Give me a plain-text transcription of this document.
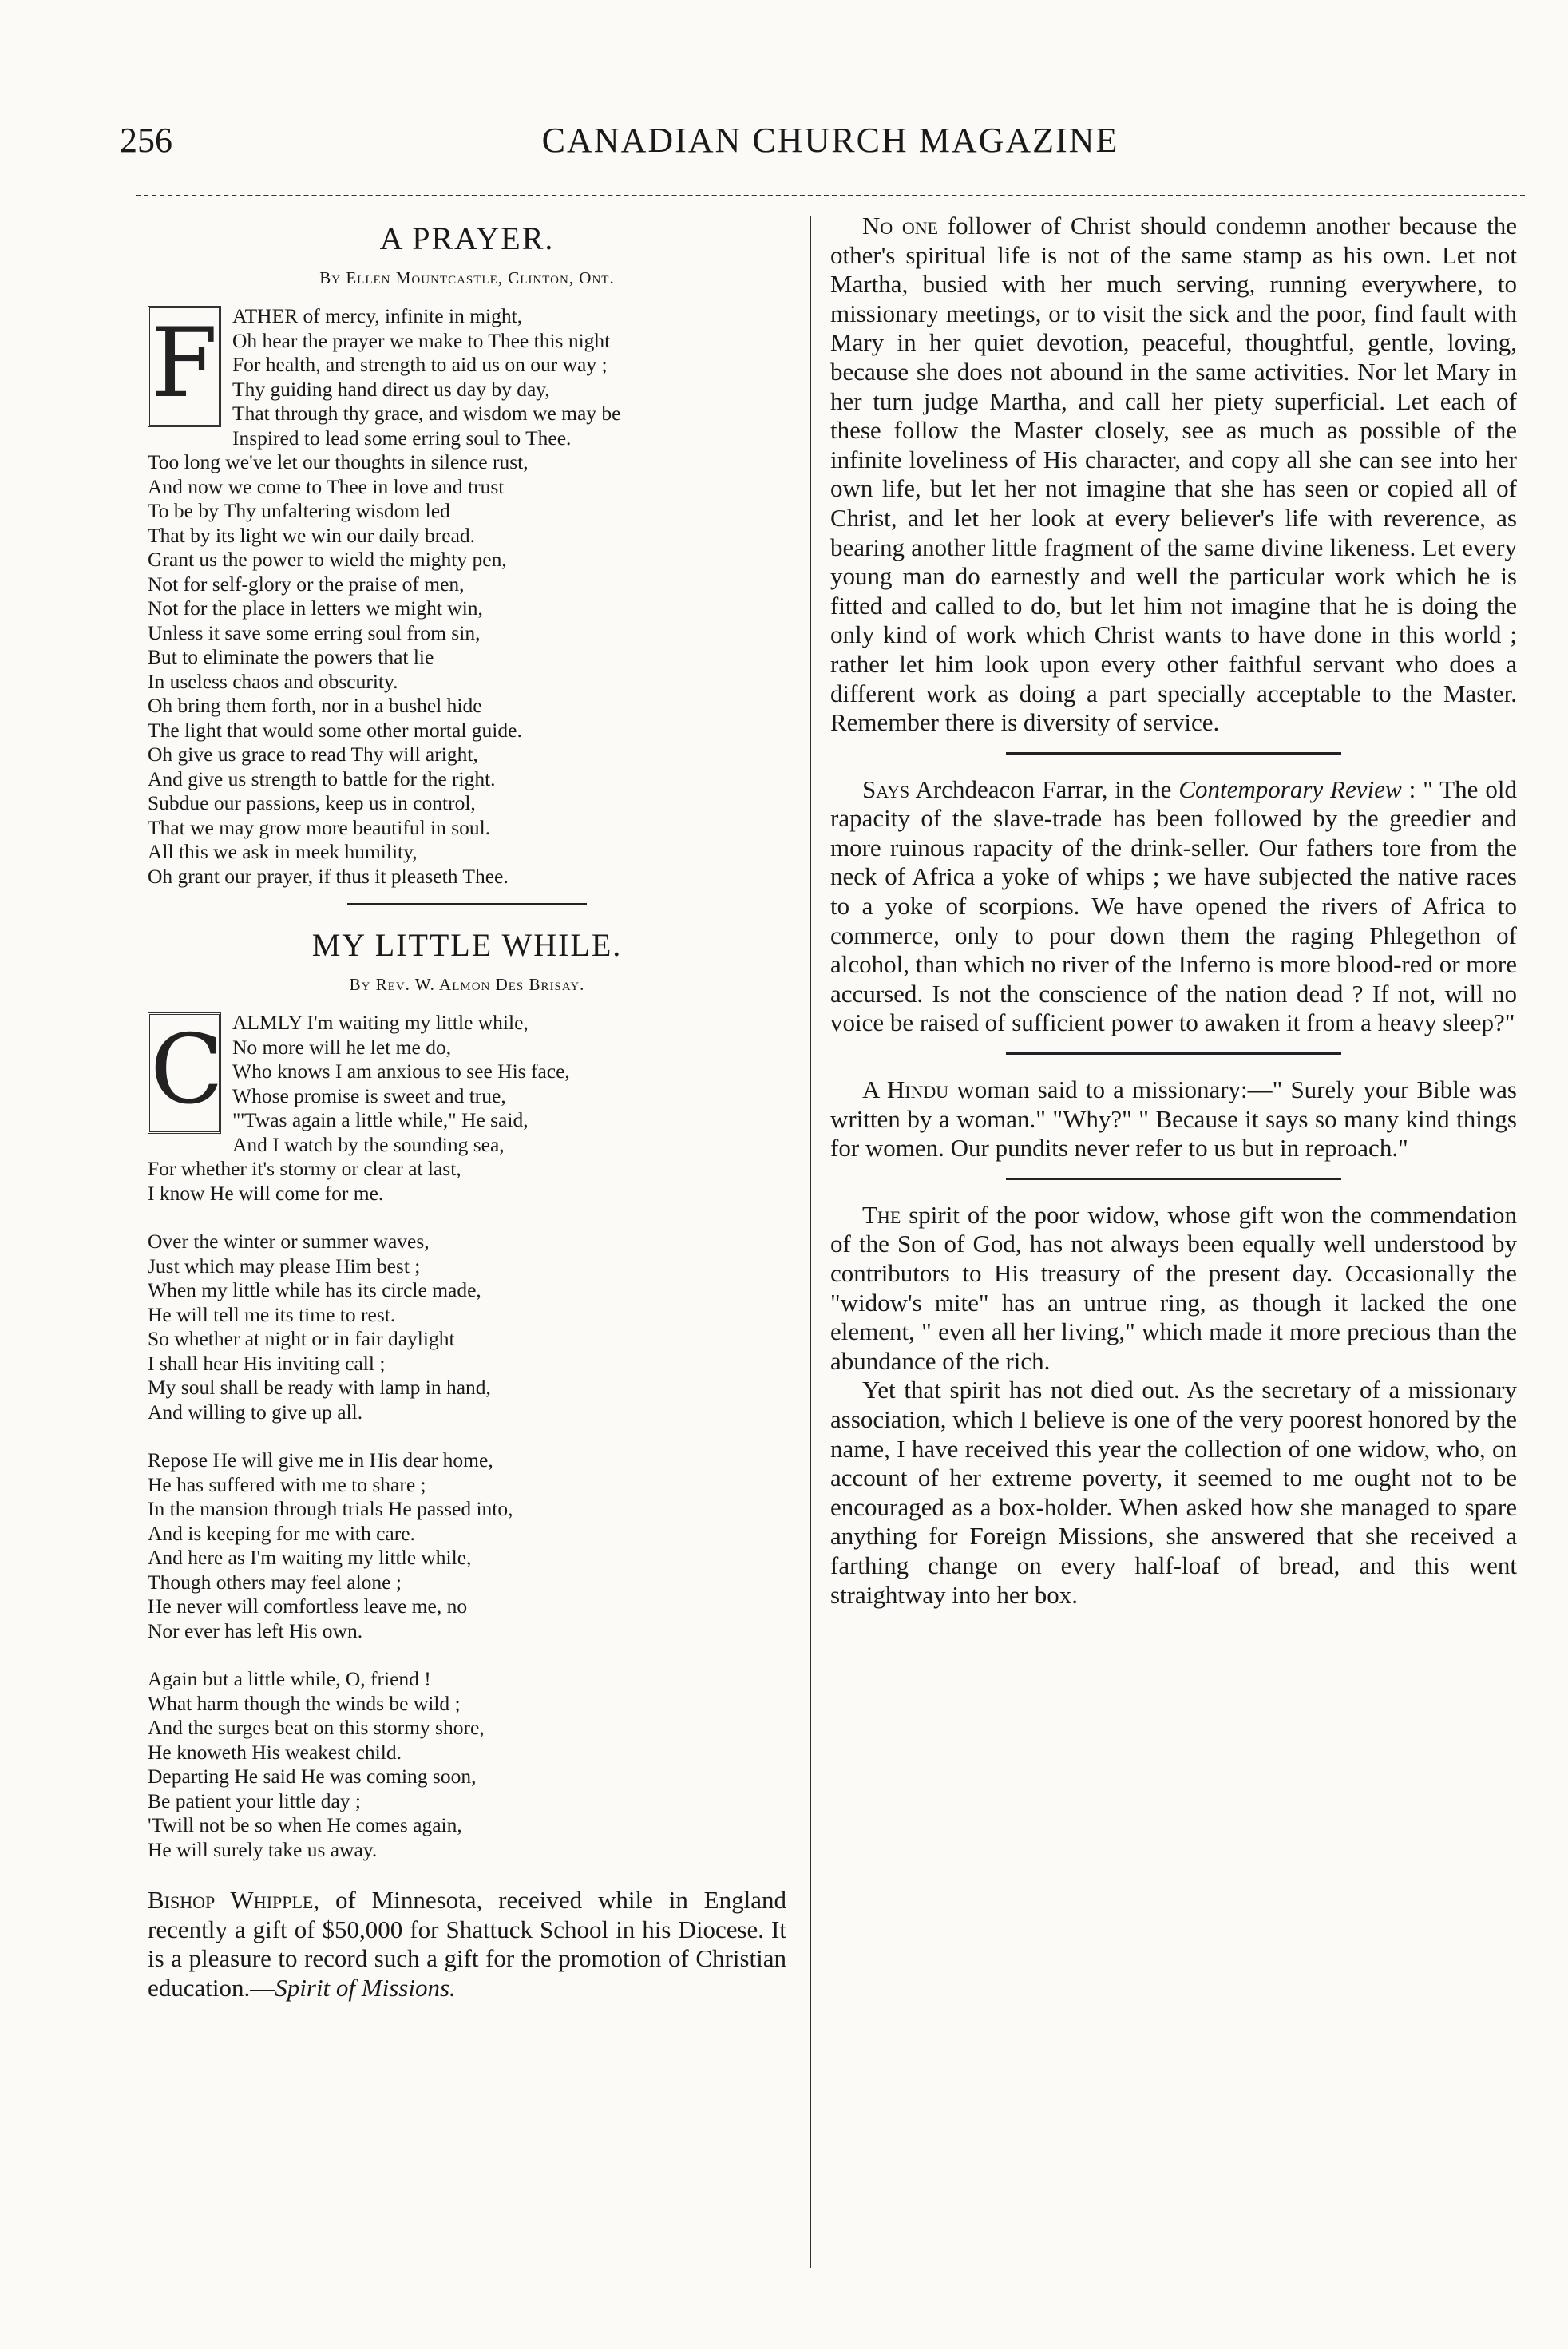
256	CANADIAN CHURCH MAGAZINE
A PRAYER.
By Ellen Mountcastle, Clinton, Ont.
F ATHER of mercy, infinite in might,
Oh hear the prayer we make to Thee this night
For health, and strength to aid us on our way ;
Thy guiding hand direct us day by day,
That through thy grace, and wisdom we may be
Inspired to lead some erring soul to Thee.
Too long we've let our thoughts in silence rust,
And now we come to Thee in love and trust
To be by Thy unfaltering wisdom led
That by its light we win our daily bread.
Grant us the power to wield the mighty pen,
Not for self-glory or the praise of men,
Not for the place in letters we might win,
Unless it save some erring soul from sin,
But to eliminate the powers that lie
In useless chaos and obscurity.
Oh bring them forth, nor in a bushel hide
The light that would some other mortal guide.
Oh give us grace to read Thy will aright,
And give us strength to battle for the right.
Subdue our passions, keep us in control,
That we may grow more beautiful in soul.
All this we ask in meek humility,
Oh grant our prayer, if thus it pleaseth Thee.
MY LITTLE WHILE.
By Rev. W. Almon Des Brisay.
C ALMLY I'm waiting my little while,
No more will he let me do,
Who knows I am anxious to see His face,
Whose promise is sweet and true,
"'Twas again a little while," He said,
And I watch by the sounding sea,
For whether it's stormy or clear at last,
I know He will come for me.
Over the winter or summer waves,
Just which may please Him best ;
When my little while has its circle made,
He will tell me its time to rest.
So whether at night or in fair daylight
I shall hear His inviting call ;
My soul shall be ready with lamp in hand,
And willing to give up all.
Repose He will give me in His dear home,
He has suffered with me to share ;
In the mansion through trials He passed into,
And is keeping for me with care.
And here as I'm waiting my little while,
Though others may feel alone ;
He never will comfortless leave me, no
Nor ever has left His own.
Again but a little while, O, friend !
What harm though the winds be wild ;
And the surges beat on this stormy shore,
He knoweth His weakest child.
Departing He said He was coming soon,
Be patient your little day ;
'Twill not be so when He comes again,
He will surely take us away.

Bishop Whipple, of Minnesota, received while in England recently a gift of $50,000 for Shattuck School in his Diocese. It is a pleasure to record such a gift for the promotion of Christian education.—Spirit of Missions.

No one follower of Christ should condemn another because the other's spiritual life is not of the same stamp as his own. Let not Martha, busied with her much serving, running everywhere, to missionary meetings, or to visit the sick and the poor, find fault with Mary in her quiet devotion, peaceful, thoughtful, gentle, loving, because she does not abound in the same activities. Nor let Mary in her turn judge Martha, and call her piety superficial. Let each of these follow the Master closely, see as much as possible of the infinite loveliness of His character, and copy all she can see into her own life, but let her not imagine that she has seen or copied all of Christ, and let her look at every believer's life with reverence, as bearing another little fragment of the same divine likeness. Let every young man do earnestly and well the particular work which he is fitted and called to do, but let him not imagine that he is doing the only kind of work which Christ wants to have done in this world ; rather let him look upon every other faithful servant who does a different work as doing a part specially acceptable to the Master. Remember there is diversity of service.

Says Archdeacon Farrar, in the Contemporary Review : " The old rapacity of the slave-trade has been followed by the greedier and more ruinous rapacity of the drink-seller. Our fathers tore from the neck of Africa a yoke of whips ; we have subjected the native races to a yoke of scorpions. We have opened the rivers of Africa to commerce, only to pour down them the raging Phlegethon of alcohol, than which no river of the Inferno is more blood-red or more accursed. Is not the conscience of the nation dead ? If not, will no voice be raised of sufficient power to awaken it from a heavy sleep?"

A Hindu woman said to a missionary:—" Surely your Bible was written by a woman." "Why?" " Because it says so many kind things for women. Our pundits never refer to us but in reproach."

The spirit of the poor widow, whose gift won the commendation of the Son of God, has not always been equally well understood by contributors to His treasury of the present day. Occasionally the "widow's mite" has an untrue ring, as though it lacked the one element, " even all her living," which made it more precious than the abundance of the rich.

Yet that spirit has not died out. As the secretary of a missionary association, which I believe is one of the very poorest honored by the name, I have received this year the collection of one widow, who, on account of her extreme poverty, it seemed to me ought not to be encouraged as a box-holder. When asked how she managed to spare anything for Foreign Missions, she answered that she received a farthing change on every half-loaf of bread, and this went straightway into her box.
